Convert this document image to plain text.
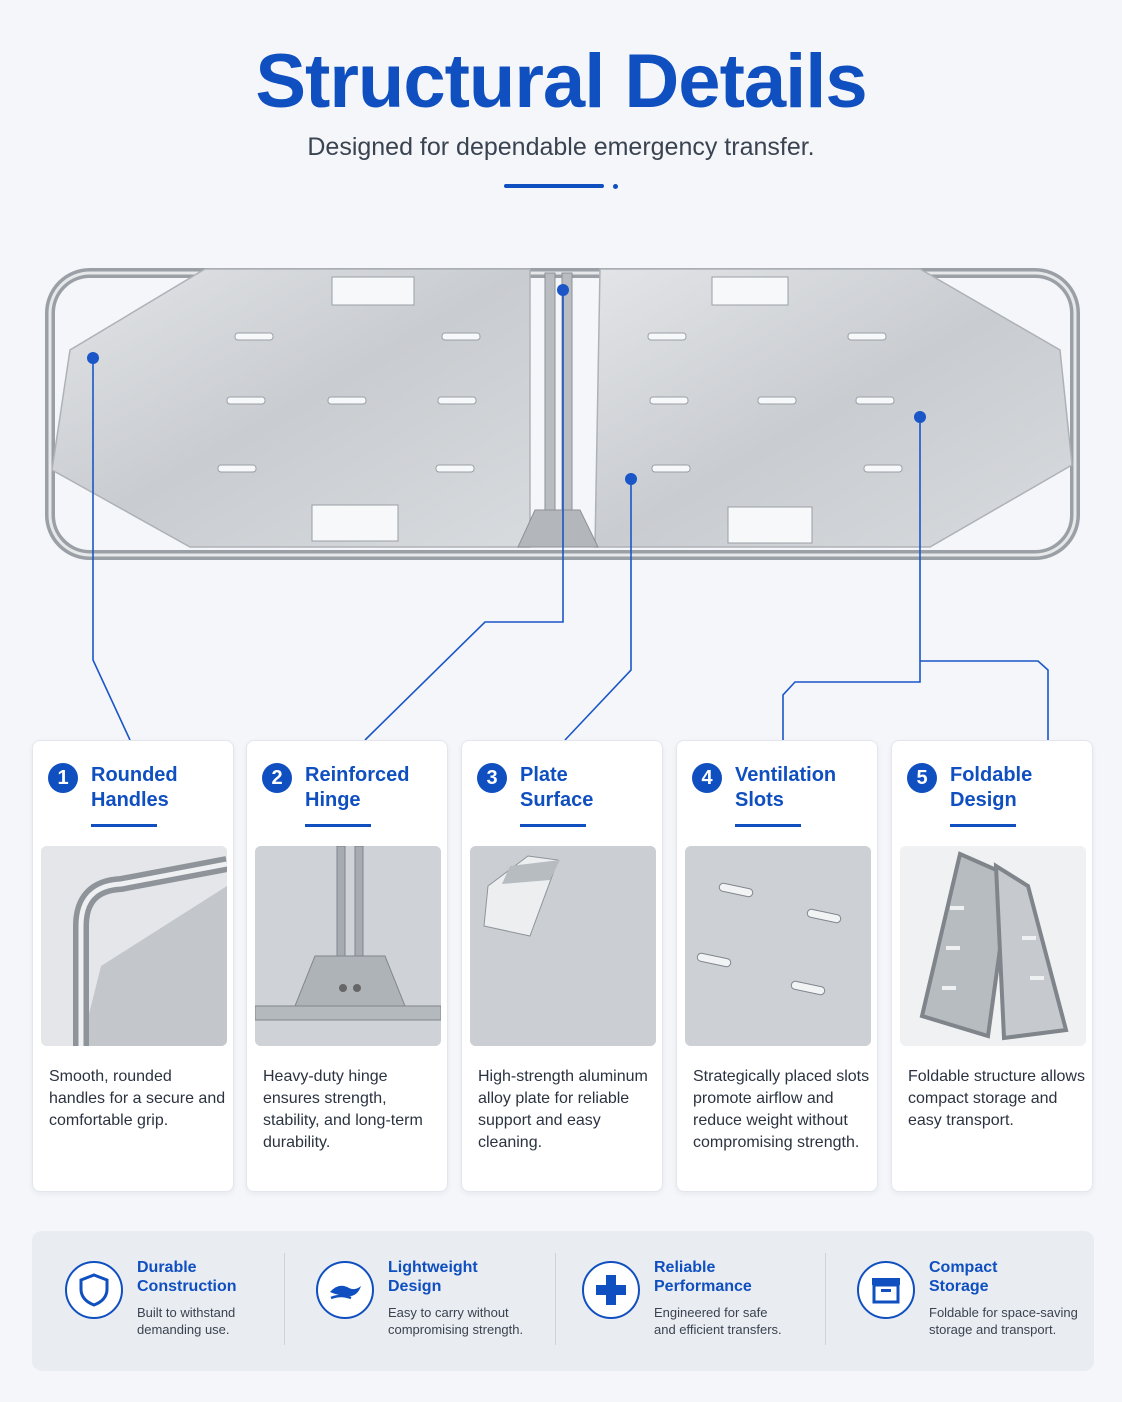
Structural Details
Designed for dependable emergency transfer.
1	Rounded
Handles
Smooth, rounded handles for a secure and comfortable grip.
2	Reinforced
Hinge
Heavy-duty hinge ensures strength, stability, and long-term durability.
3	Plate
Surface
High-strength aluminum alloy plate for reliable support and easy cleaning.
4	Ventilation
Slots
Strategically placed slots promote airflow and reduce weight without compromising strength.
5	Foldable
Design
Foldable structure allows compact storage and easy transport.
Durable
Construction
Built to withstand
demanding use.
Lightweight
Design
Easy to carry without
compromising strength.
Reliable
Performance
Engineered for safe
and efficient transfers.
Compact
Storage
Foldable for space-saving
storage and transport.
